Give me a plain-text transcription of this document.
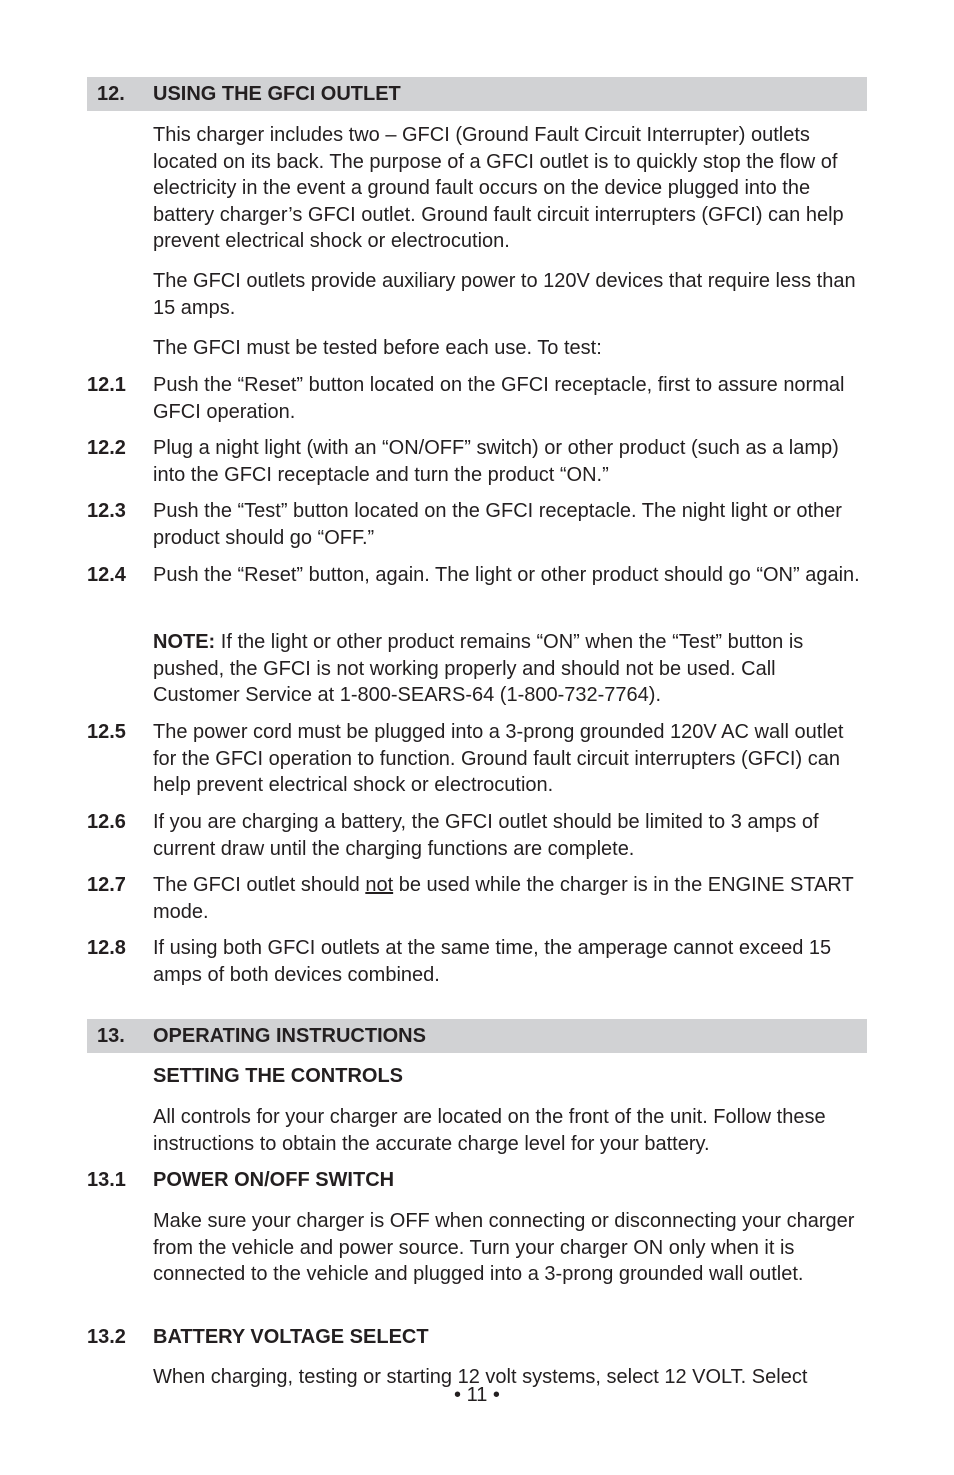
12. USING THE GFCI OUTLET

This charger includes two – GFCI (Ground Fault Circuit Interrupter) outlets located on its back. The purpose of a GFCI outlet is to quickly stop the flow of electricity in the event a ground fault occurs on the device plugged into the battery charger’s GFCI outlet. Ground fault circuit interrupters (GFCI) can help prevent electrical shock or electrocution.

The GFCI outlets provide auxiliary power to 120V devices that require less than 15 amps.

The GFCI must be tested before each use. To test:

12.1 Push the “Reset” button located on the GFCI receptacle, first to assure normal GFCI operation.

12.2 Plug a night light (with an “ON/OFF” switch) or other product (such as a lamp) into the GFCI receptacle and turn the product “ON.”

12.3 Push the “Test” button located on the GFCI receptacle. The night light or other product should go “OFF.”

12.4 Push the “Reset” button, again. The light or other product should go “ON” again.

NOTE: If the light or other product remains “ON” when the “Test” button is pushed, the GFCI is not working properly and should not be used. Call Customer Service at 1-800-SEARS-64 (1-800-732-7764).

12.5 The power cord must be plugged into a 3-prong grounded 120V AC wall outlet for the GFCI operation to function. Ground fault circuit interrupters (GFCI) can help prevent electrical shock or electrocution.

12.6 If you are charging a battery, the GFCI outlet should be limited to 3 amps of current draw until the charging functions are complete.

12.7 The GFCI outlet should not be used while the charger is in the ENGINE START mode.

12.8 If using both GFCI outlets at the same time, the amperage cannot exceed 15 amps of both devices combined.

13. OPERATING INSTRUCTIONS

SETTING THE CONTROLS

All controls for your charger are located on the front of the unit. Follow these instructions to obtain the accurate charge level for your battery.

13.1 POWER ON/OFF SWITCH

Make sure your charger is OFF when connecting or disconnecting your charger from the vehicle and power source. Turn your charger ON only when it is connected to the vehicle and plugged into a 3-prong grounded wall outlet.

13.2 BATTERY VOLTAGE SELECT

When charging, testing or starting 12 volt systems, select 12 VOLT. Select

• 11 •
